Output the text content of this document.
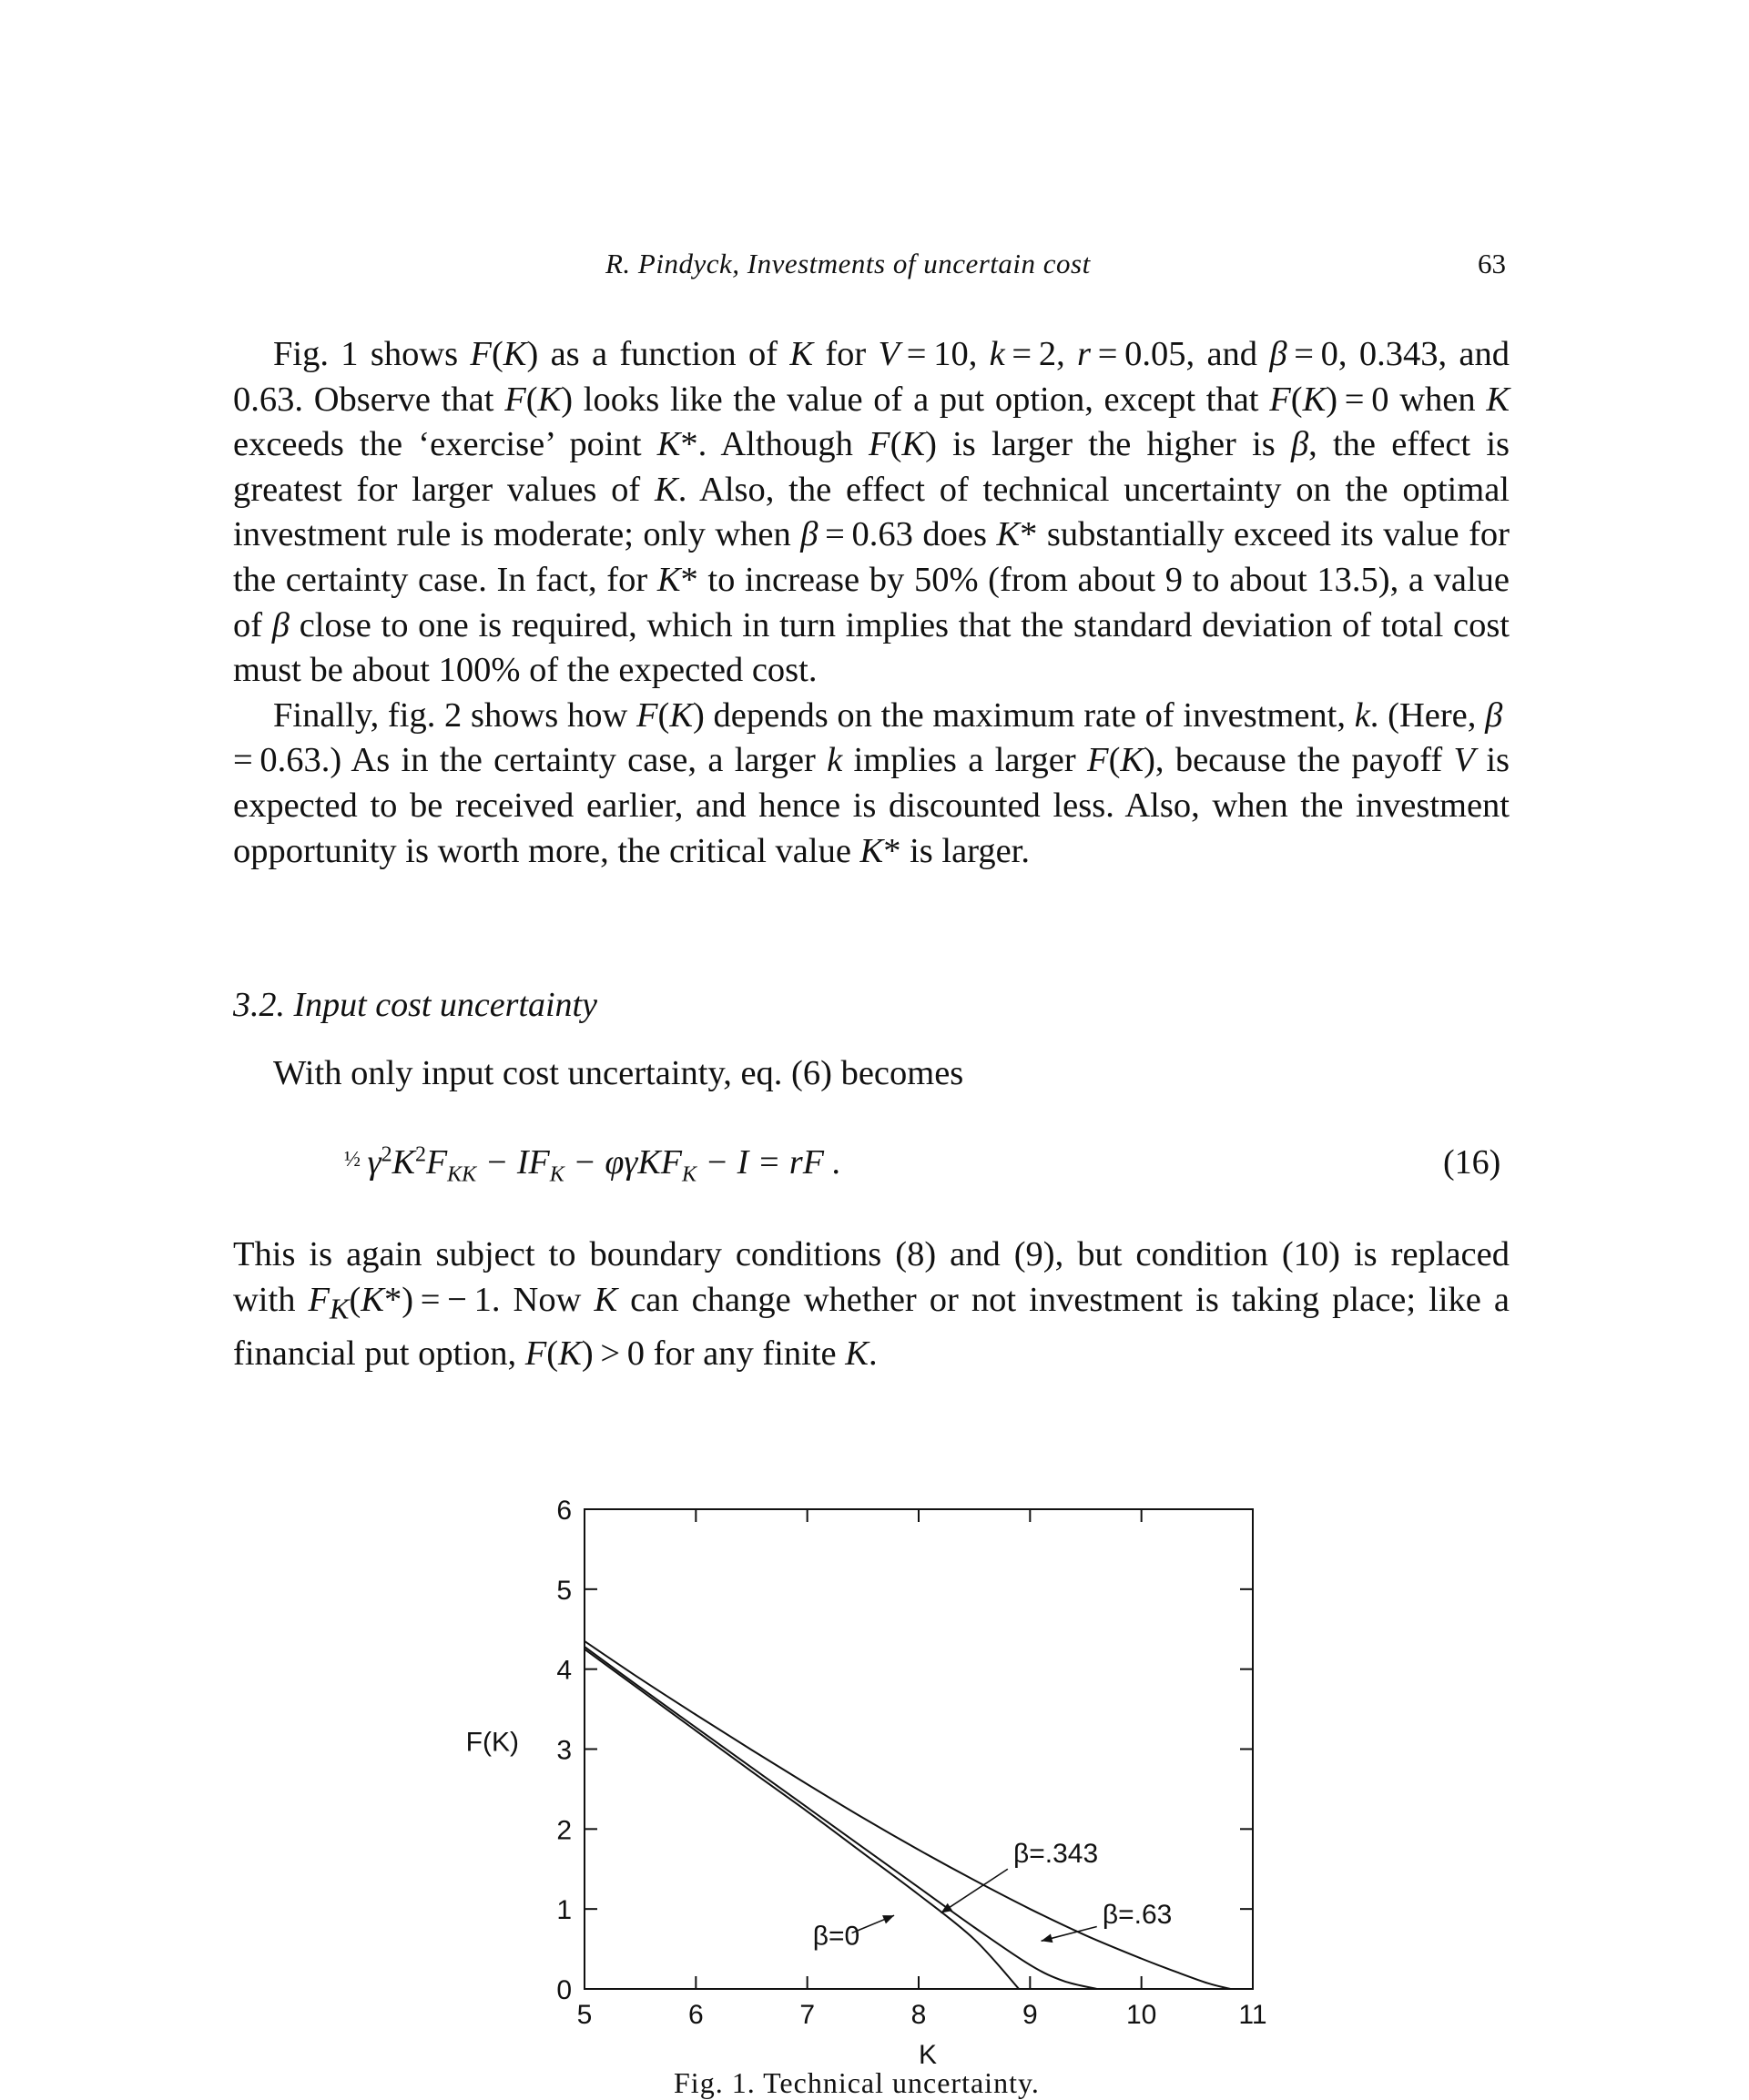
R. Pindyck, Investments of uncertain cost	63

Fig. 1 shows F(K) as a function of K for V = 10, k = 2, r = 0.05, and β = 0, 0.343, and 0.63. Observe that F(K) looks like the value of a put option, except that F(K) = 0 when K exceeds the ‘exercise’ point K*. Although F(K) is larger the higher is β, the effect is greatest for larger values of K. Also, the effect of technical uncertainty on the optimal investment rule is moderate; only when β = 0.63 does K* substantially exceed its value for the certainty case. In fact, for K* to increase by 50% (from about 9 to about 13.5), a value of β close to one is required, which in turn implies that the standard deviation of total cost must be about 100% of the expected cost.

Finally, fig. 2 shows how F(K) depends on the maximum rate of investment, k. (Here, β = 0.63.) As in the certainty case, a larger k implies a larger F(K), because the payoff V is expected to be received earlier, and hence is discounted less. Also, when the investment opportunity is worth more, the critical value K* is larger.

3.2. Input cost uncertainty

With only input cost uncertainty, eq. (6) becomes

$^{\frac{1}{2}}$ $\gamma^2K^2F_{KK} - IF_K - \varphi\gamma KF_K - I$ = rF .	(16)

This is again subject to boundary conditions (8) and (9), but condition (10) is replaced with $F_K(K*)$ = − 1. Now K can change whether or not investment is taking place; like a financial put option, F(K) > 0 for any finite K.

5	6	7	8	9	10	11
0
1
2
3
4
5
6
K
F(K)
β=0
β=.343
β=.63
Fig. 1. Technical uncertainty.
